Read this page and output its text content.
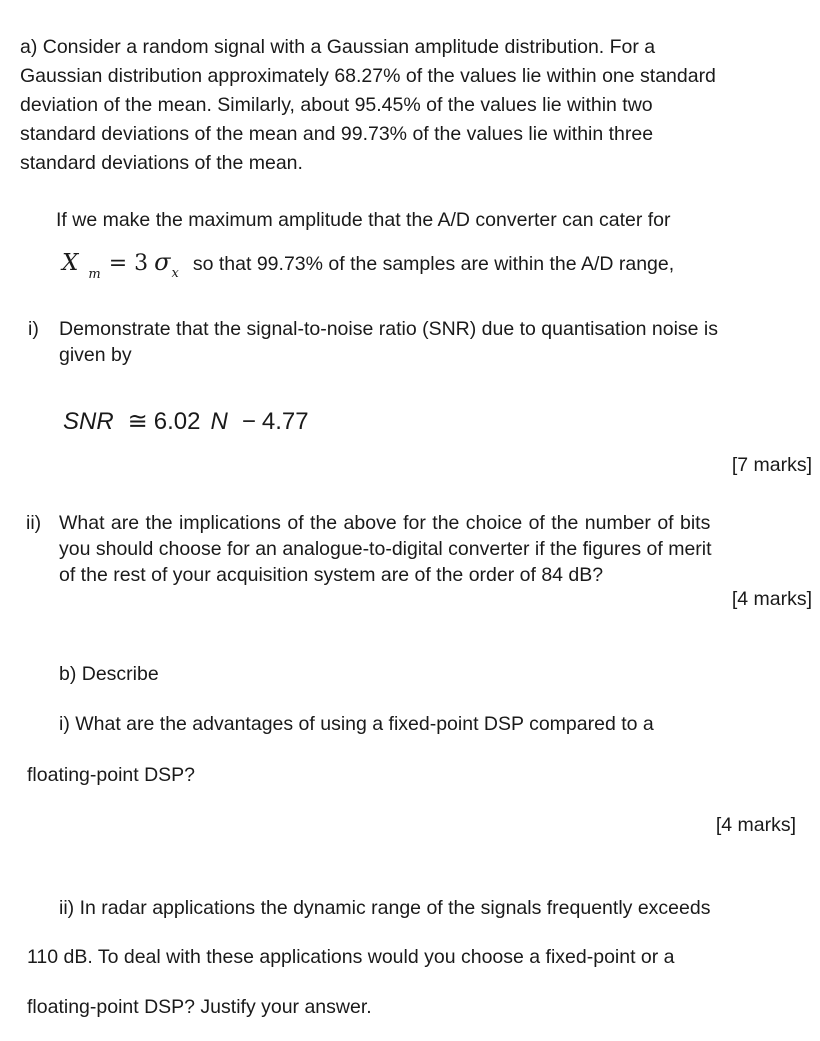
a) Consider a random signal with a Gaussian amplitude distribution. For a
Gaussian distribution approximately 68.27% of the values lie within one standard
deviation of the mean. Similarly, about 95.45% of the values lie within two
standard deviations of the mean and 99.73% of the values lie within three
standard deviations of the mean.
If we make the maximum amplitude that the A/D converter can cater for
X $_m$ = 3 $\sigma_x$ so that 99.73% of the samples are within the A/D range,
i) Demonstrate that the signal-to-noise ratio (SNR) due to quantisation noise is
given by
SNR ≅ 6.02 N − 4.77
[7 marks]
ii) What are the implications of the above for the choice of the number of bits
you should choose for an analogue-to-digital converter if the figures of merit
of the rest of your acquisition system are of the order of 84 dB?
[4 marks]
b) Describe
i) What are the advantages of using a fixed-point DSP compared to a
floating-point DSP?
[4 marks]
ii) In radar applications the dynamic range of the signals frequently exceeds
110 dB. To deal with these applications would you choose a fixed-point or a
floating-point DSP? Justify your answer.
